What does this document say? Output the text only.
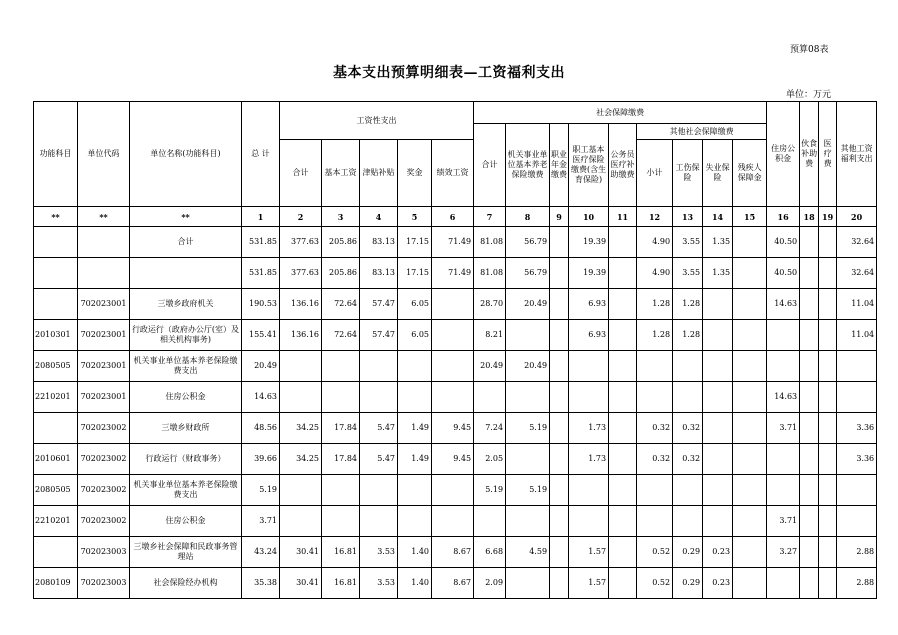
预算08表
基本支出预算明细表—工资福利支出
单位：万元
功能科目	单位代码	单位名称(功能科目)	总 计	工资性支出					社会保障缴费									住房公积金	伙食补助费	医疗费	其他工资福利支出
									合计	机关事业单位基本养老保险缴费	职业年金缴费	职工基本医疗保险缴费(含生育保险)	公务员医疗补助缴费	其他社会保障缴费							
				合计	基本工资	津贴补贴	奖金	绩效工资						小计	工伤保险	失业保险	残疾人保障金				
**	**	**	1	2	3	4	5	6	7	8	9	10	11	12	13	14	15	16	18	19	20
		合计	531.85	377.63	205.86	83.13	17.15	71.49	81.08	56.79		19.39		4.90	3.55	1.35		40.50			32.64
			531.85	377.63	205.86	83.13	17.15	71.49	81.08	56.79		19.39		4.90	3.55	1.35		40.50			32.64
	702023001	三墩乡政府机关	190.53	136.16	72.64	57.47	6.05		28.70	20.49		6.93		1.28	1.28			14.63			11.04
2010301	702023001	行政运行（政府办公厅(室）及相关机构事务)	155.41	136.16	72.64	57.47	6.05		8.21			6.93		1.28	1.28						11.04
2080505	702023001	机关事业单位基本养老保险缴费支出	20.49						20.49	20.49											
2210201	702023001	住房公积金	14.63															14.63			
	702023002	三墩乡财政所	48.56	34.25	17.84	5.47	1.49	9.45	7.24	5.19		1.73		0.32	0.32			3.71			3.36
2010601	702023002	行政运行（财政事务）	39.66	34.25	17.84	5.47	1.49	9.45	2.05			1.73		0.32	0.32						3.36
2080505	702023002	机关事业单位基本养老保险缴费支出	5.19						5.19	5.19											
2210201	702023002	住房公积金	3.71															3.71			
	702023003	三墩乡社会保障和民政事务管理站	43.24	30.41	16.81	3.53	1.40	8.67	6.68	4.59		1.57		0.52	0.29	0.23		3.27			2.88
2080109	702023003	社会保险经办机构	35.38	30.41	16.81	3.53	1.40	8.67	2.09			1.57		0.52	0.29	0.23					2.88
